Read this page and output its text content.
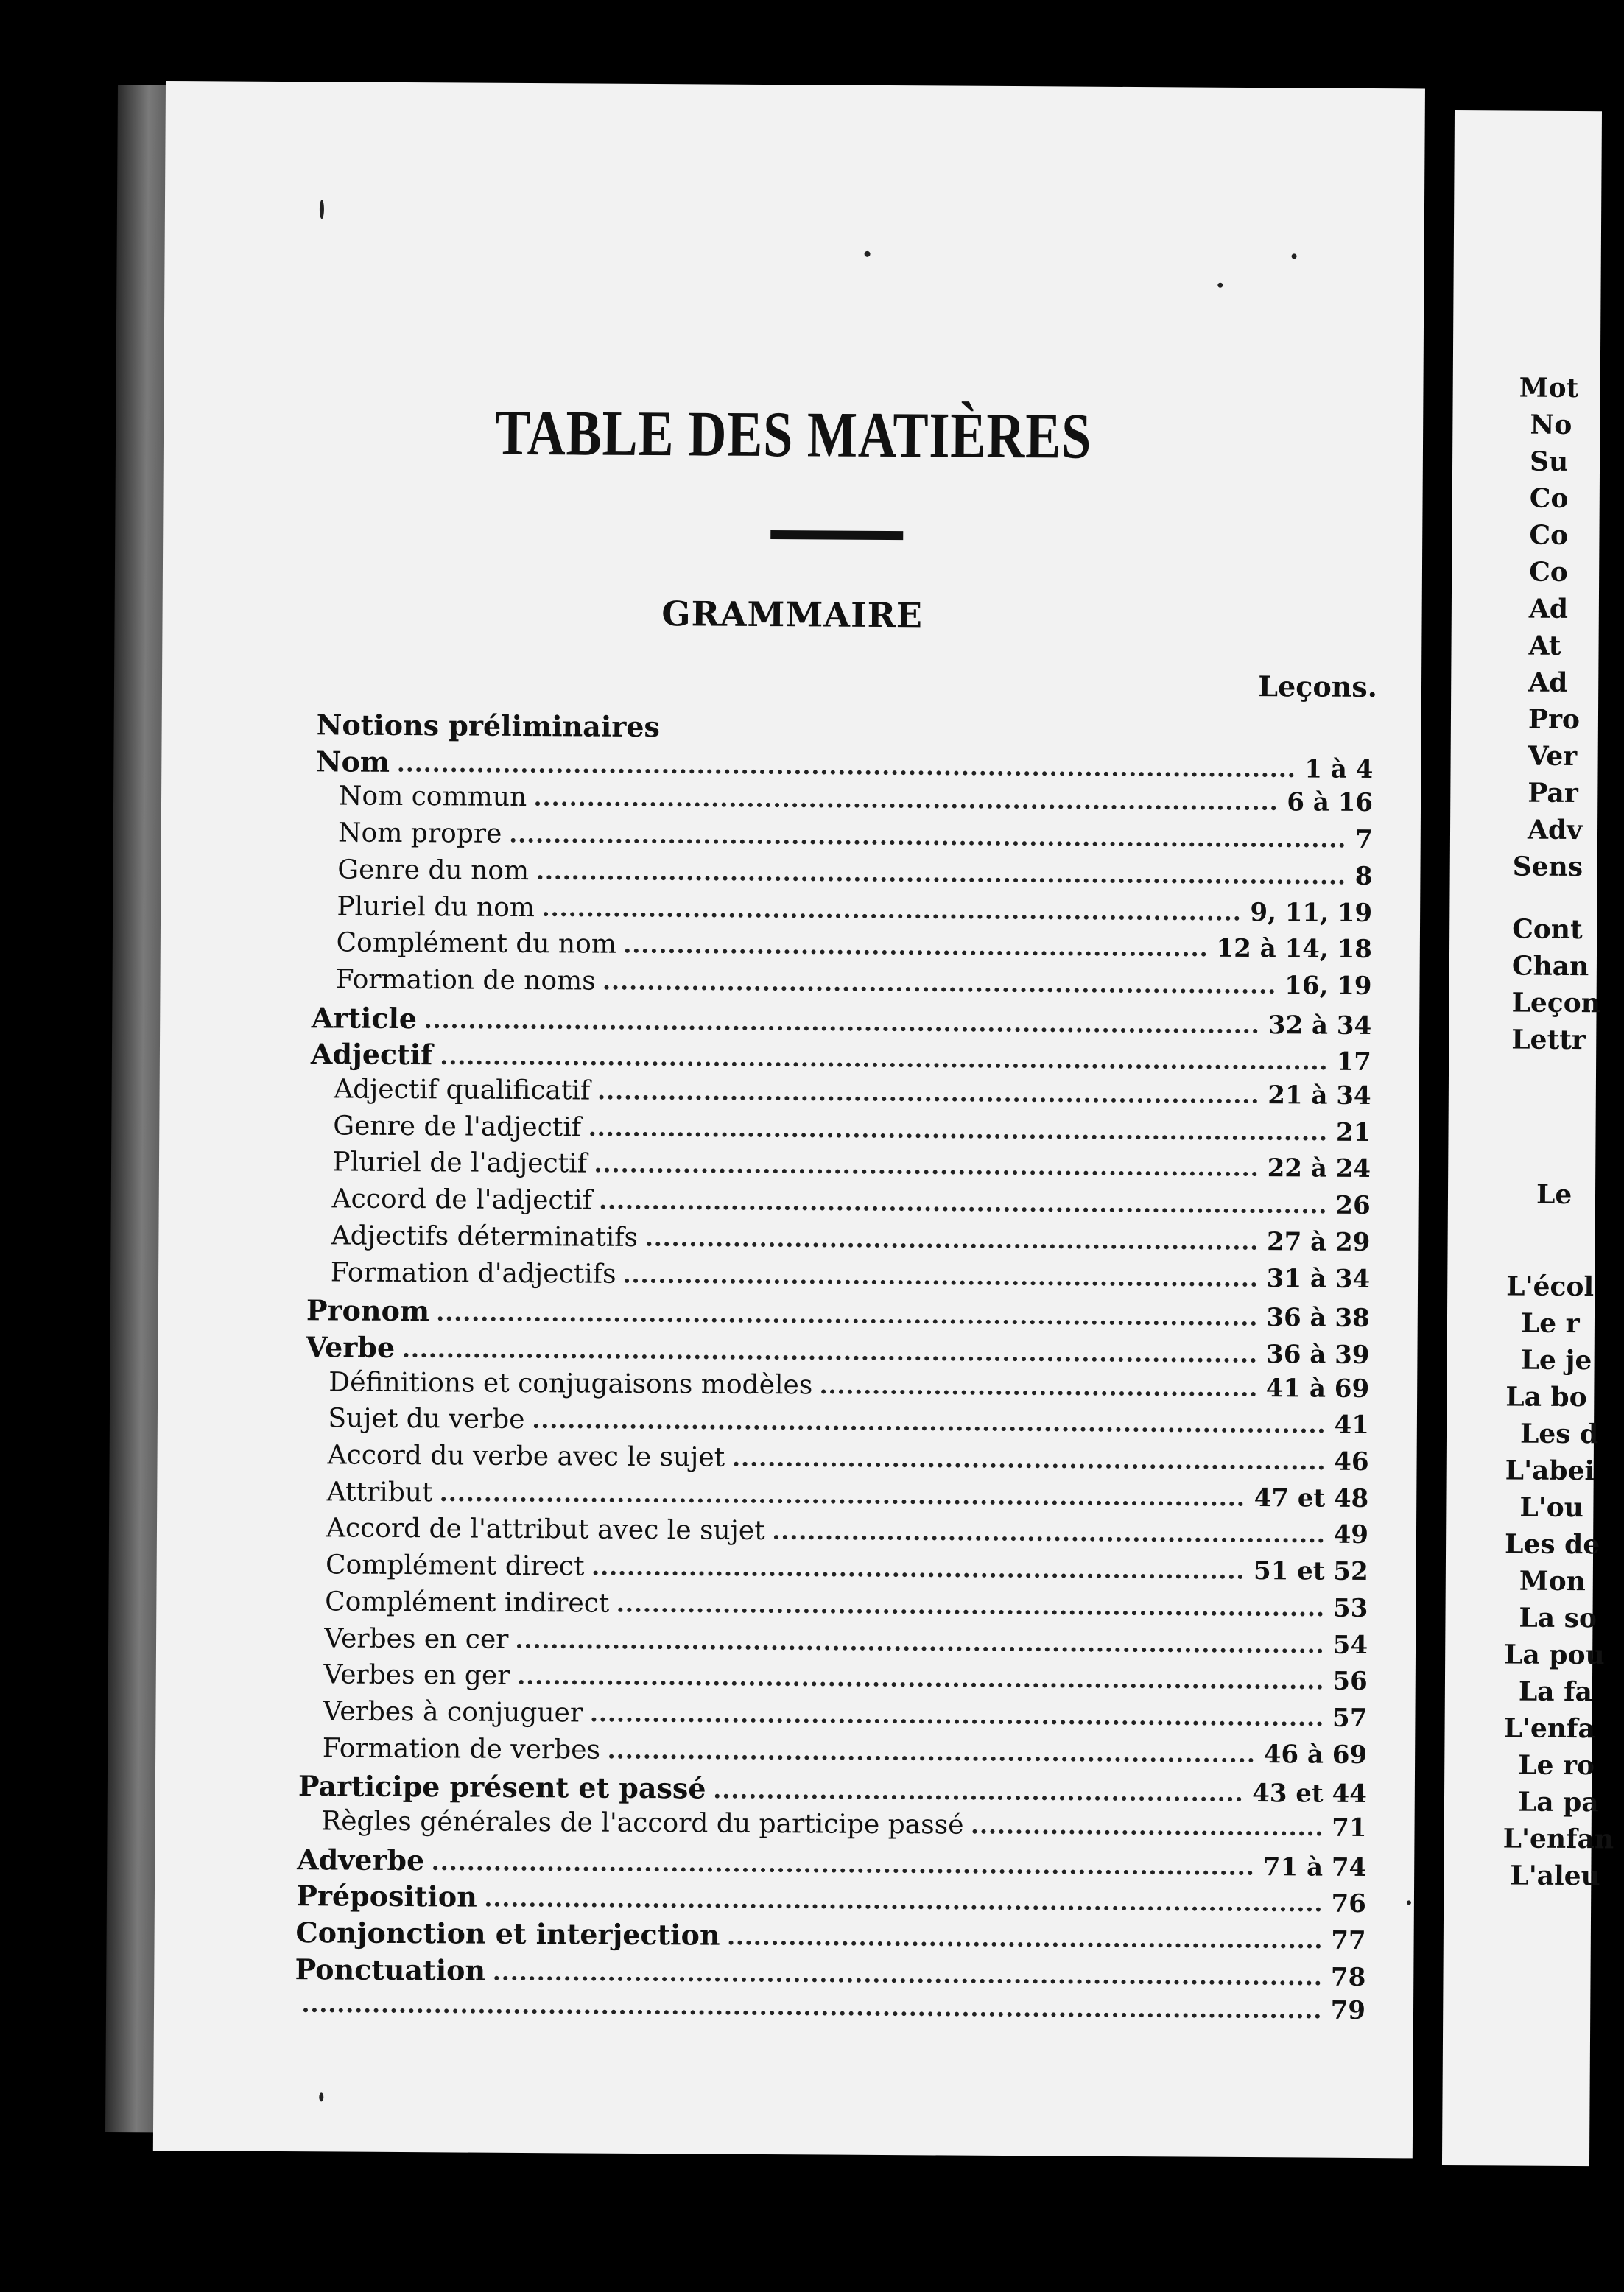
TABLE DES MATIÈRES
GRAMMAIRE
Leçons.
Notions préliminaires
Nom	1 à 4
Nom commun	6 à 16
Nom propre	7
Genre du nom	8
Pluriel du nom	9, 11, 19
Complément du nom	12 à 14, 18
Formation de noms	16, 19
Article	32 à 34
Adjectif	17
Adjectif qualificatif	21 à 34
Genre de l'adjectif	21
Pluriel de l'adjectif	22 à 24
Accord de l'adjectif	26
Adjectifs déterminatifs	27 à 29
Formation d'adjectifs	31 à 34
Pronom	36 à 38
Verbe	36 à 39
Définitions et conjugaisons modèles	41 à 69
Sujet du verbe	41
Accord du verbe avec le sujet	46
Attribut	47 et 48
Accord de l'attribut avec le sujet	49
Complément direct	51 et 52
Complément indirect	53
Verbes en cer	54
Verbes en ger	56
Verbes à conjuguer	57
Formation de verbes	46 à 69
Participe présent et passé	43 et 44
Règles générales de l'accord du participe passé	71
Adverbe	71 à 74
Préposition	76
Conjonction et interjection	77
Ponctuation	78
79
Mot
No
Su
Co
Co
Co
Ad
At
Ad
Pro
Ver
Par
Adv
Sens
Cont
Chan
Leçon
Lettr
Le
L'écol
Le r
Le je
La bo
Les d
L'abei
L'ou
Les de
Mon
La so
La pou
La fa
L'enfa
Le ro
La pa
L'enfan
L'aleu
